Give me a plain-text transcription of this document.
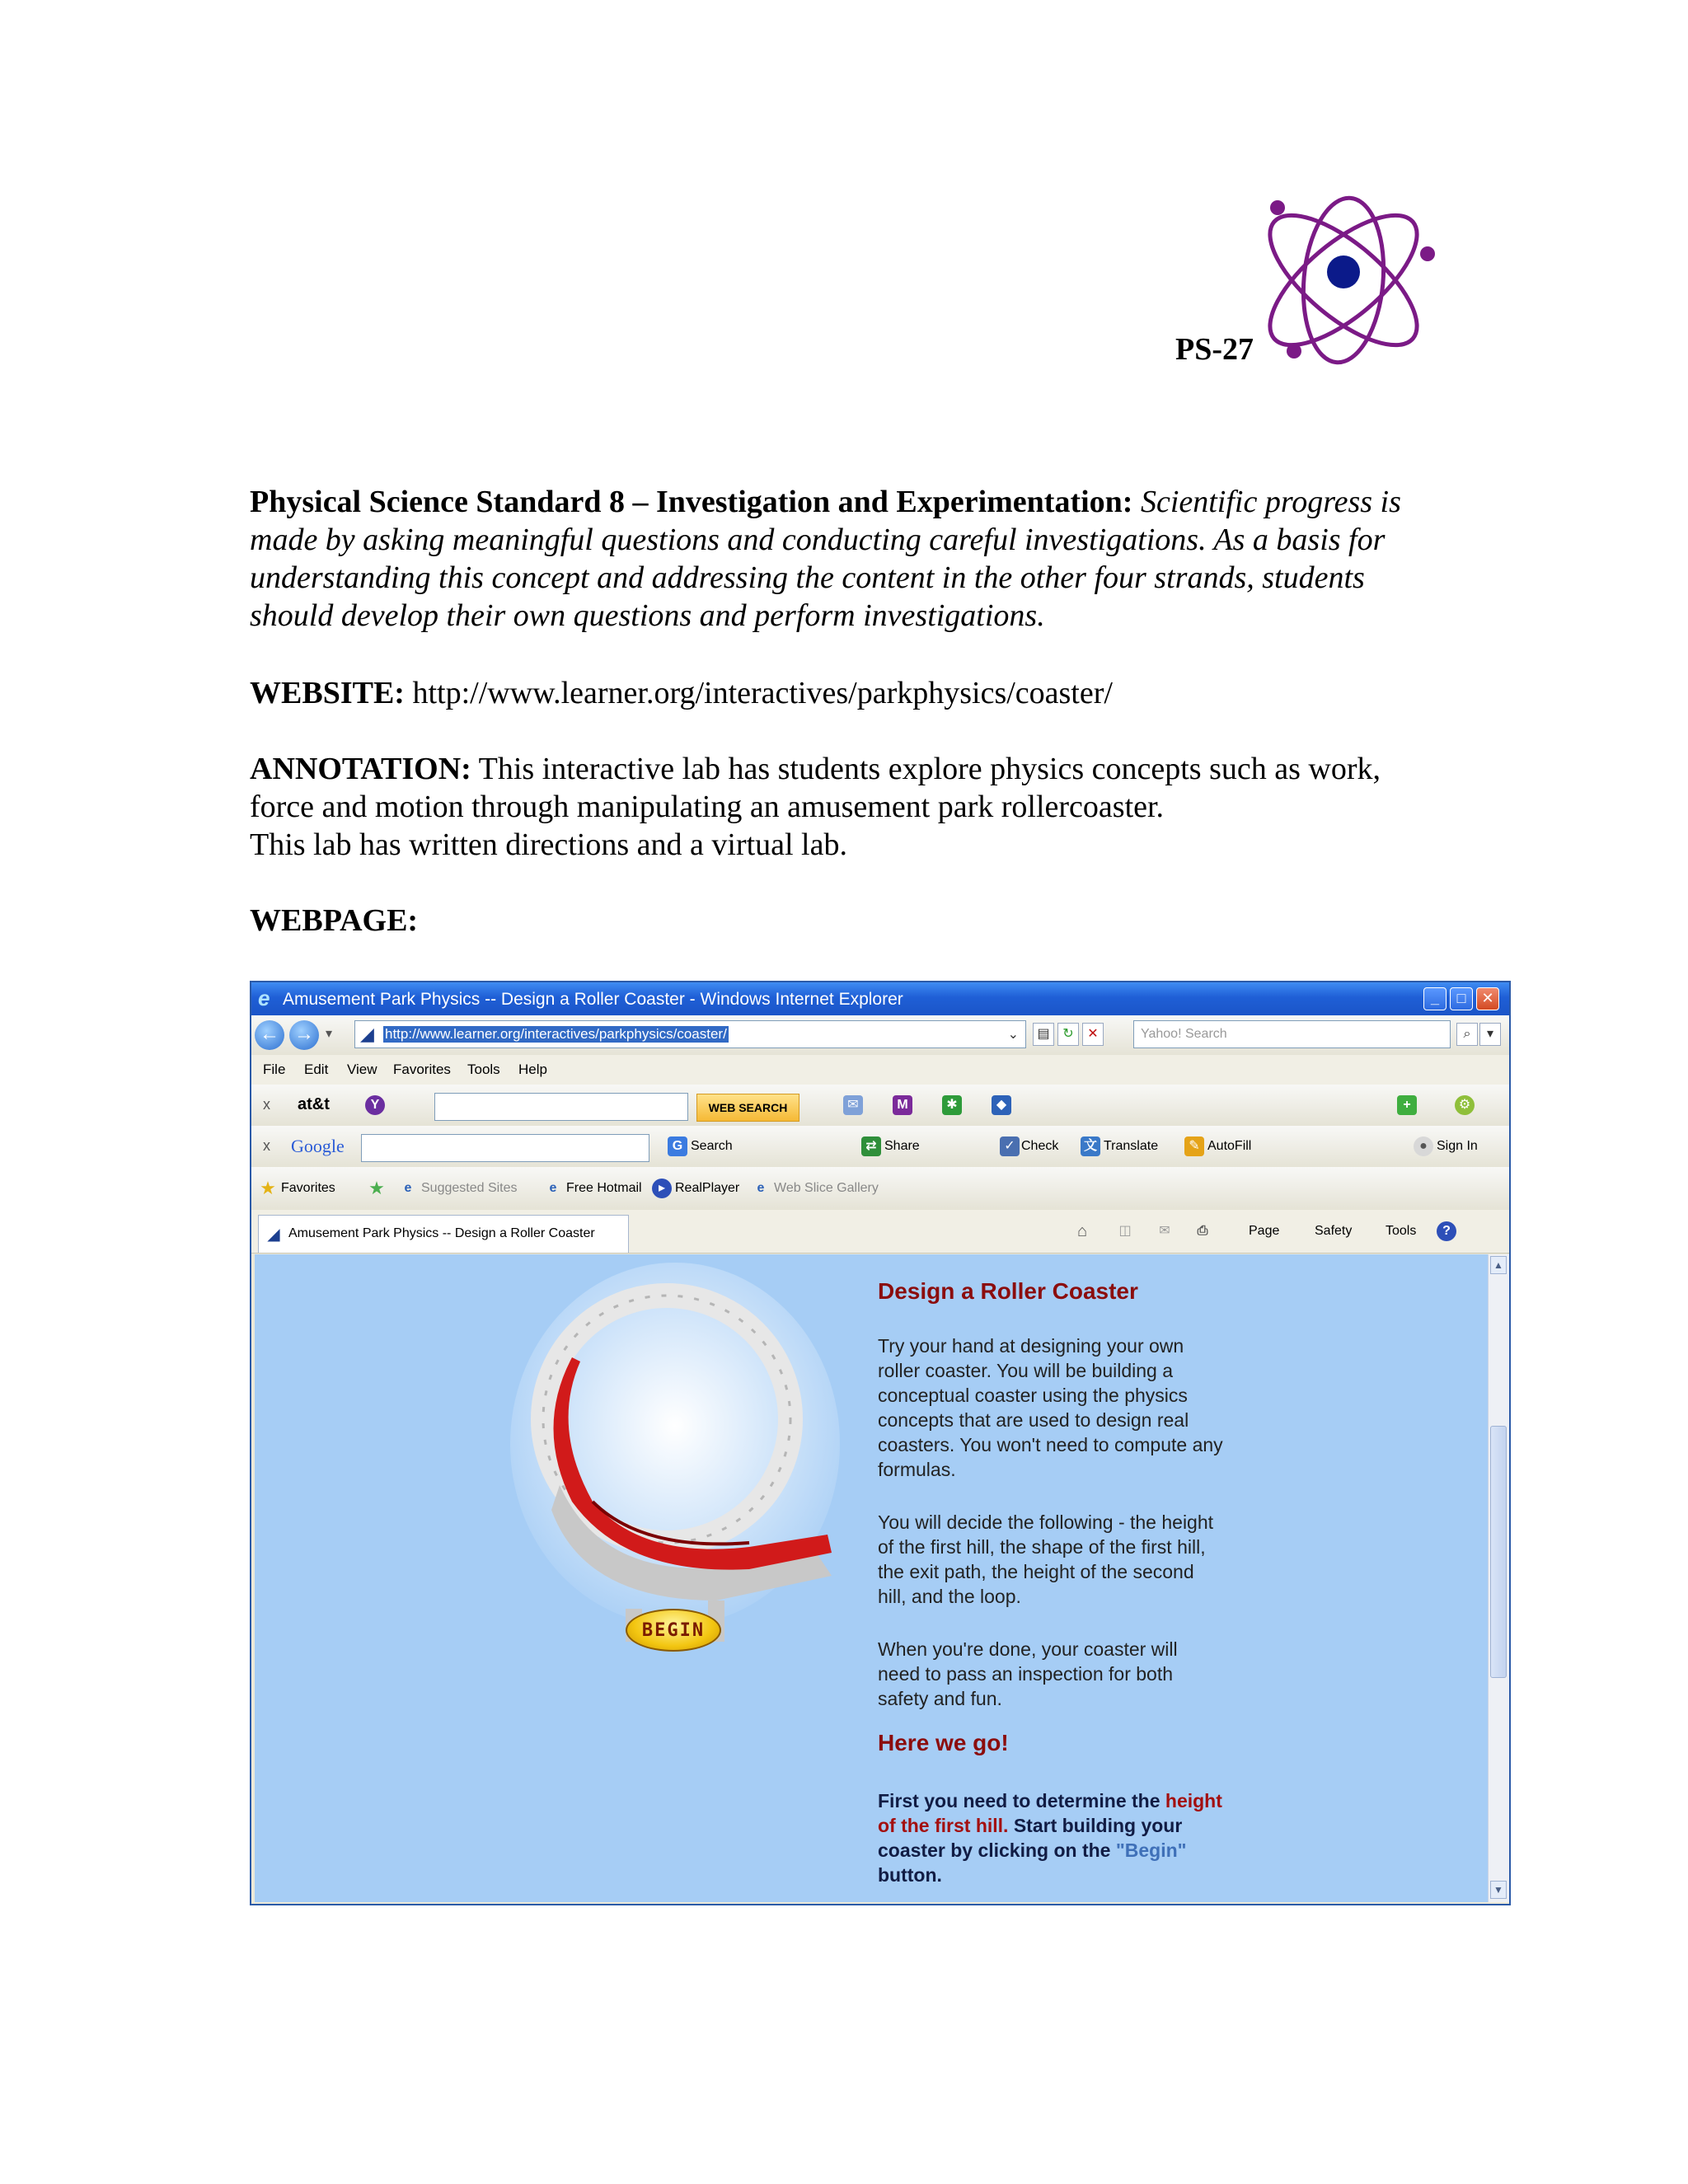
PS-27
Physical Science Standard 8 – Investigation and Experimentation: Scientific progress is made by asking meaningful questions and conducting careful investigations. As a basis for understanding this concept and addressing the content in the other four strands, students should develop their own questions and perform investigations.
WEBSITE: http://www.learner.org/interactives/parkphysics/coaster/
ANNOTATION: This interactive lab has students explore physics concepts such as work, force and motion through manipulating an amusement park rollercoaster.
This lab has written directions and a virtual lab.
WEBPAGE:
e Amusement Park Physics -- Design a Roller Coaster - Windows Internet Explorer	_	□	✕
← → ▾ ◢ http://www.learner.org/interactives/parkphysics/coaster/	⌄	▤ ↻	✕	Yahoo! Search	⌕	▾
File Edit View Favorites Tools Help
x at&t	Y	WEB SEARCH	✉	M	✱	◆	+	⚙
x Google	G Search	⇄ Share	✓ Check 文 Translate	✎ AutoFill	● Sign In
★ Favorites ★	e Suggested Sites	e Free Hotmail	▸ RealPlayer	e Web Slice Gallery
◢ Amusement Park Physics -- Design a Roller Coaster	⌂	◫	✉	⎙	Page	Safety	Tools	?
BEGIN
Design a Roller Coaster
Try your hand at designing your own roller coaster. You will be building a conceptual coaster using the physics concepts that are used to design real coasters. You won't need to compute any formulas.
You will decide the following - the height of the first hill, the shape of the first hill, the exit path, the height of the second hill, and the loop.
When you're done, your coaster will need to pass an inspection for both safety and fun.
Here we go!
First you need to determine the height of the first hill. Start building your coaster by clicking on the "Begin" button.
▲
▼
